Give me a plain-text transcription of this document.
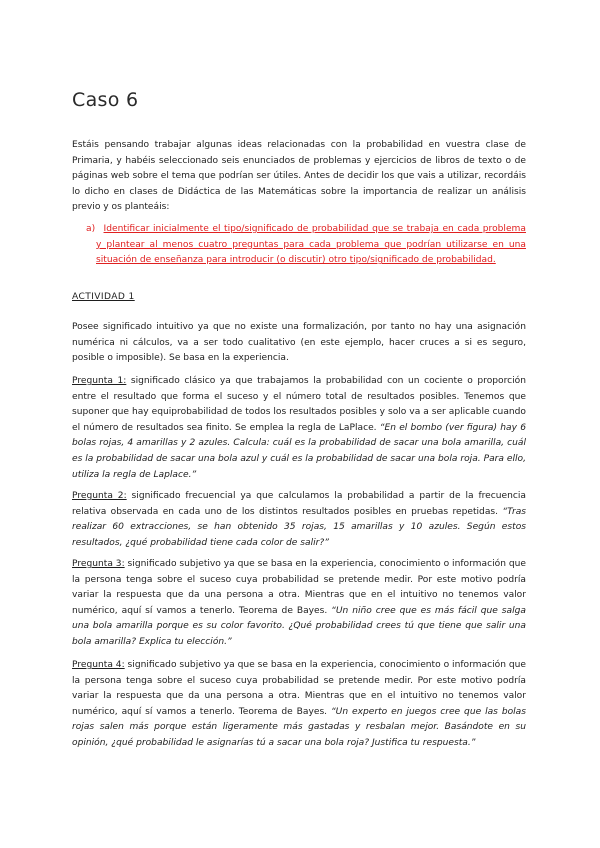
Caso 6

Estáis pensando trabajar algunas ideas relacionadas con la probabilidad en vuestra clase de Primaria, y habéis seleccionado seis enunciados de problemas y ejercicios de libros de texto o de páginas web sobre el tema que podrían ser útiles. Antes de decidir los que vais a utilizar, recordáis lo dicho en clases de Didáctica de las Matemáticas sobre la importancia de realizar un análisis previo y os planteáis:

a) Identificar inicialmente el tipo/significado de probabilidad que se trabaja en cada problema y plantear al menos cuatro preguntas para cada problema que podrían utilizarse en una situación de enseñanza para introducir (o discutir) otro tipo/significado de probabilidad.

ACTIVIDAD 1

Posee significado intuitivo ya que no existe una formalización, por tanto no hay una asignación numérica ni cálculos, va a ser todo cualitativo (en este ejemplo, hacer cruces a si es seguro, posible o imposible). Se basa en la experiencia.

Pregunta 1: significado clásico ya que trabajamos la probabilidad con un cociente o proporción entre el resultado que forma el suceso y el número total de resultados posibles. Tenemos que suponer que hay equiprobabilidad de todos los resultados posibles y solo va a ser aplicable cuando el número de resultados sea finito. Se emplea la regla de LaPlace. “En el bombo (ver figura) hay 6 bolas rojas, 4 amarillas y 2 azules. Calcula: cuál es la probabilidad de sacar una bola amarilla, cuál es la probabilidad de sacar una bola azul y cuál es la probabilidad de sacar una bola roja. Para ello, utiliza la regla de Laplace.”

Pregunta 2: significado frecuencial ya que calculamos la probabilidad a partir de la frecuencia relativa observada en cada uno de los distintos resultados posibles en pruebas repetidas. “Tras realizar 60 extracciones, se han obtenido 35 rojas, 15 amarillas y 10 azules. Según estos resultados, ¿qué probabilidad tiene cada color de salir?”

Pregunta 3: significado subjetivo ya que se basa en la experiencia, conocimiento o información que la persona tenga sobre el suceso cuya probabilidad se pretende medir. Por este motivo podría variar la respuesta que da una persona a otra. Mientras que en el intuitivo no tenemos valor numérico, aquí sí vamos a tenerlo. Teorema de Bayes. “Un niño cree que es más fácil que salga una bola amarilla porque es su color favorito. ¿Qué probabilidad crees tú que tiene que salir una bola amarilla? Explica tu elección.”

Pregunta 4: significado subjetivo ya que se basa en la experiencia, conocimiento o información que la persona tenga sobre el suceso cuya probabilidad se pretende medir. Por este motivo podría variar la respuesta que da una persona a otra. Mientras que en el intuitivo no tenemos valor numérico, aquí sí vamos a tenerlo. Teorema de Bayes. “Un experto en juegos cree que las bolas rojas salen más porque están ligeramente más gastadas y resbalan mejor. Basándote en su opinión, ¿qué probabilidad le asignarías tú a sacar una bola roja? Justifica tu respuesta.”
